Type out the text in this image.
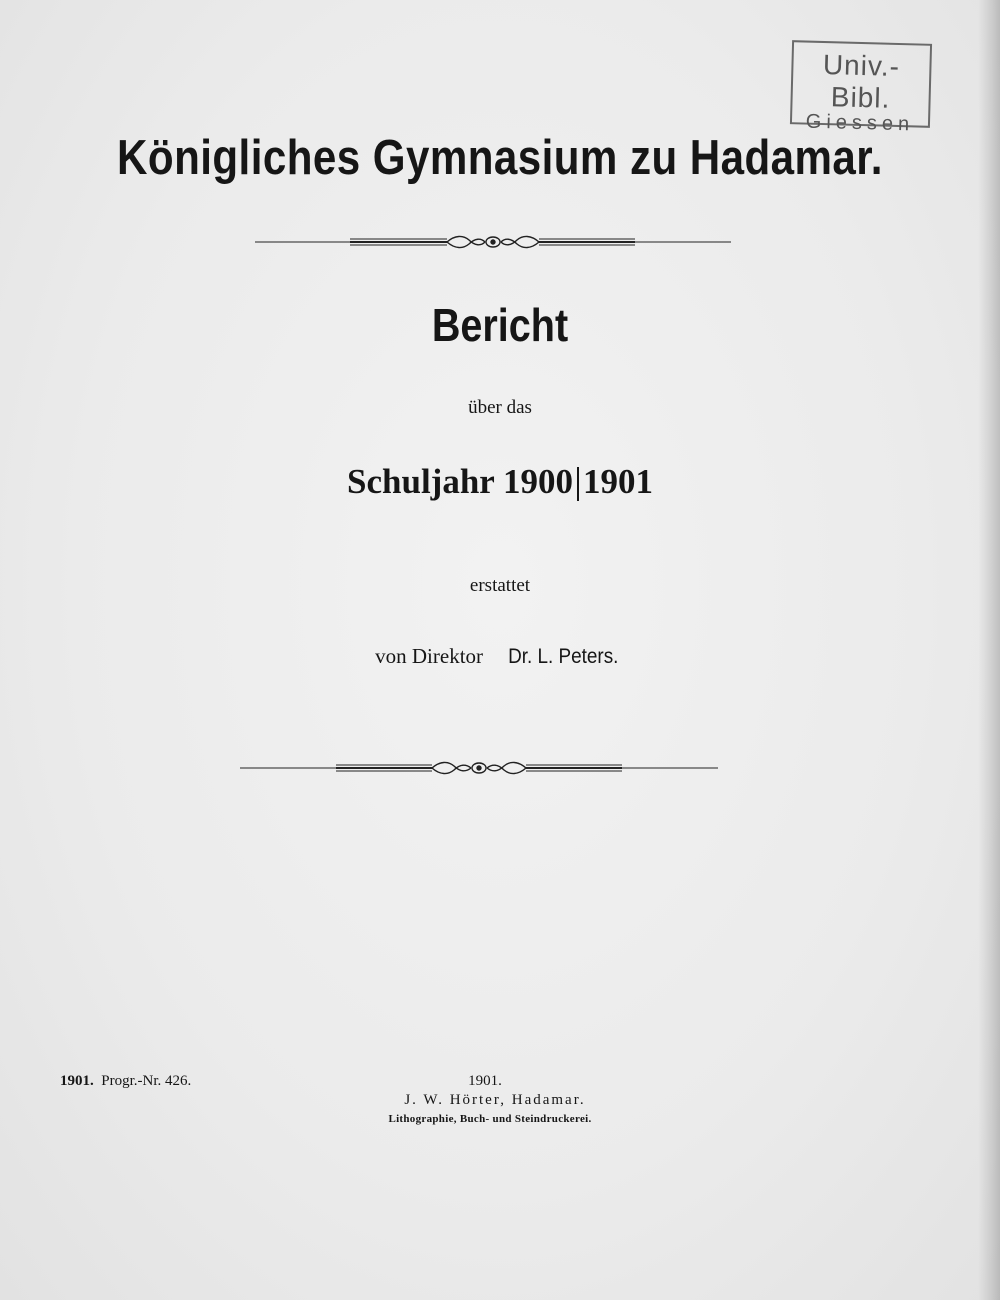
Univ.-Bibl.
Giessen
Königliches Gymnasium zu Hadamar.
Bericht
über das
Schuljahr 1900 1901
erstattet
von Direktor Dr. L. Peters.
1901. Progr.-Nr. 426.	1901.
J. W. Hörter, Hadamar.
Lithographie, Buch- und Steindruckerei.
